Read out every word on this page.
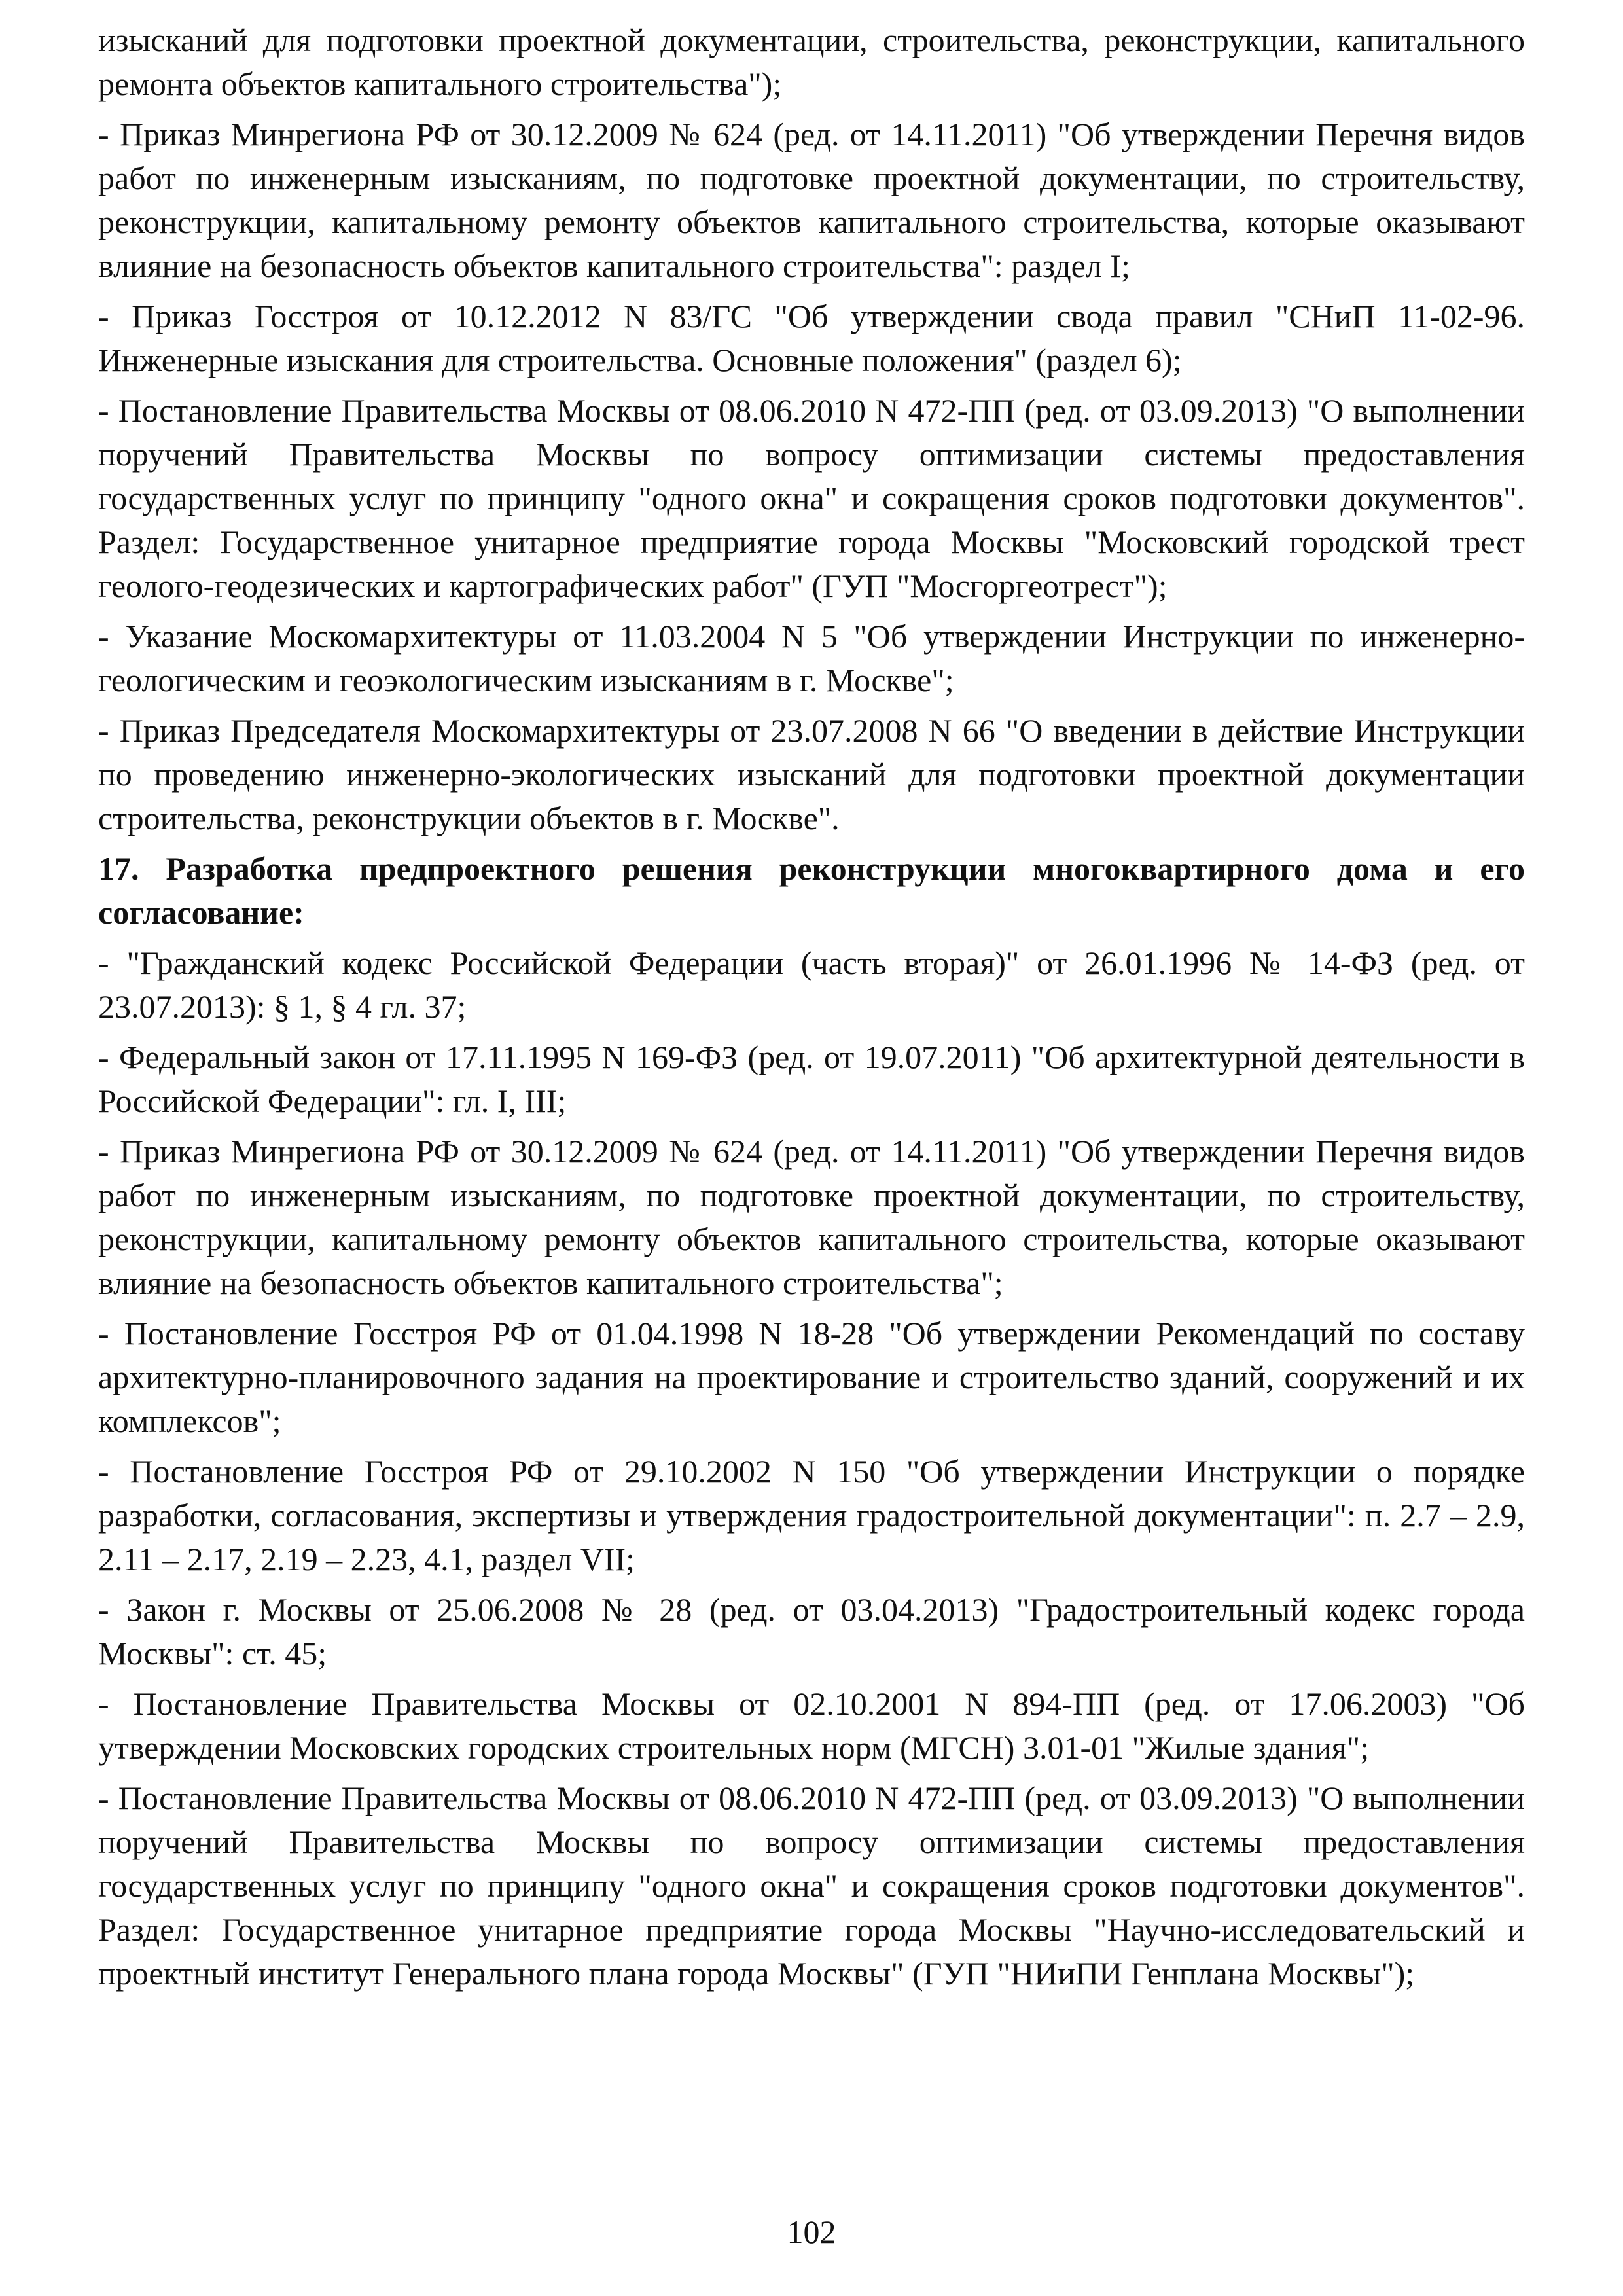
изысканий для подготовки проектной документации, строительства, реконструкции, капитального ремонта объектов капитального строительства");

- Приказ Минрегиона РФ от 30.12.2009 № 624 (ред. от 14.11.2011) "Об утверждении Перечня видов работ по инженерным изысканиям, по подготовке проектной документации, по строительству, реконструкции, капитальному ремонту объектов капитального строительства, которые оказывают влияние на безопасность объектов капитального строительства": раздел I;

- Приказ Госстроя от 10.12.2012 N 83/ГС "Об утверждении свода правил "СНиП 11-02-96. Инженерные изыскания для строительства. Основные положения" (раздел 6);

- Постановление Правительства Москвы от 08.06.2010 N 472-ПП (ред. от 03.09.2013) "О выполнении поручений Правительства Москвы по вопросу оптимизации системы предоставления государственных услуг по принципу "одного окна" и сокращения сроков подготовки документов". Раздел: Государственное унитарное предприятие города Москвы "Московский городской трест геолого-геодезических и картографических работ" (ГУП "Мосгоргеотрест");

- Указание Москомархитектуры от 11.03.2004 N 5 "Об утверждении Инструкции по инженерно-геологическим и геоэкологическим изысканиям в г. Москве";

- Приказ Председателя Москомархитектуры от 23.07.2008 N 66 "О введении в действие Инструкции по проведению инженерно-экологических изысканий для подготовки проектной документации строительства, реконструкции объектов в г. Москве".

17. Разработка предпроектного решения реконструкции многоквартирного дома и его согласование:

- "Гражданский кодекс Российской Федерации (часть вторая)" от 26.01.1996 № 14-ФЗ (ред. от 23.07.2013): § 1, § 4 гл. 37;

- Федеральный закон от 17.11.1995 N 169-ФЗ (ред. от 19.07.2011) "Об архитектурной деятельности в Российской Федерации": гл. I, III;

- Приказ Минрегиона РФ от 30.12.2009 № 624 (ред. от 14.11.2011) "Об утверждении Перечня видов работ по инженерным изысканиям, по подготовке проектной документации, по строительству, реконструкции, капитальному ремонту объектов капитального строительства, которые оказывают влияние на безопасность объектов капитального строительства";

- Постановление Госстроя РФ от 01.04.1998 N 18-28 "Об утверждении Рекомендаций по составу архитектурно-планировочного задания на проектирование и строительство зданий, сооружений и их комплексов";

- Постановление Госстроя РФ от 29.10.2002 N 150 "Об утверждении Инструкции о порядке разработки, согласования, экспертизы и утверждения градостроительной документации": п. 2.7 – 2.9, 2.11 – 2.17, 2.19 – 2.23, 4.1, раздел VII;

- Закон г. Москвы от 25.06.2008 № 28 (ред. от 03.04.2013) "Градостроительный кодекс города Москвы": ст. 45;

- Постановление Правительства Москвы от 02.10.2001 N 894-ПП (ред. от 17.06.2003) "Об утверждении Московских городских строительных норм (МГСН) 3.01-01 "Жилые здания";

- Постановление Правительства Москвы от 08.06.2010 N 472-ПП (ред. от 03.09.2013) "О выполнении поручений Правительства Москвы по вопросу оптимизации системы предоставления государственных услуг по принципу "одного окна" и сокращения сроков подготовки документов". Раздел: Государственное унитарное предприятие города Москвы "Научно-исследовательский и проектный институт Генерального плана города Москвы" (ГУП "НИиПИ Генплана Москвы");

102
